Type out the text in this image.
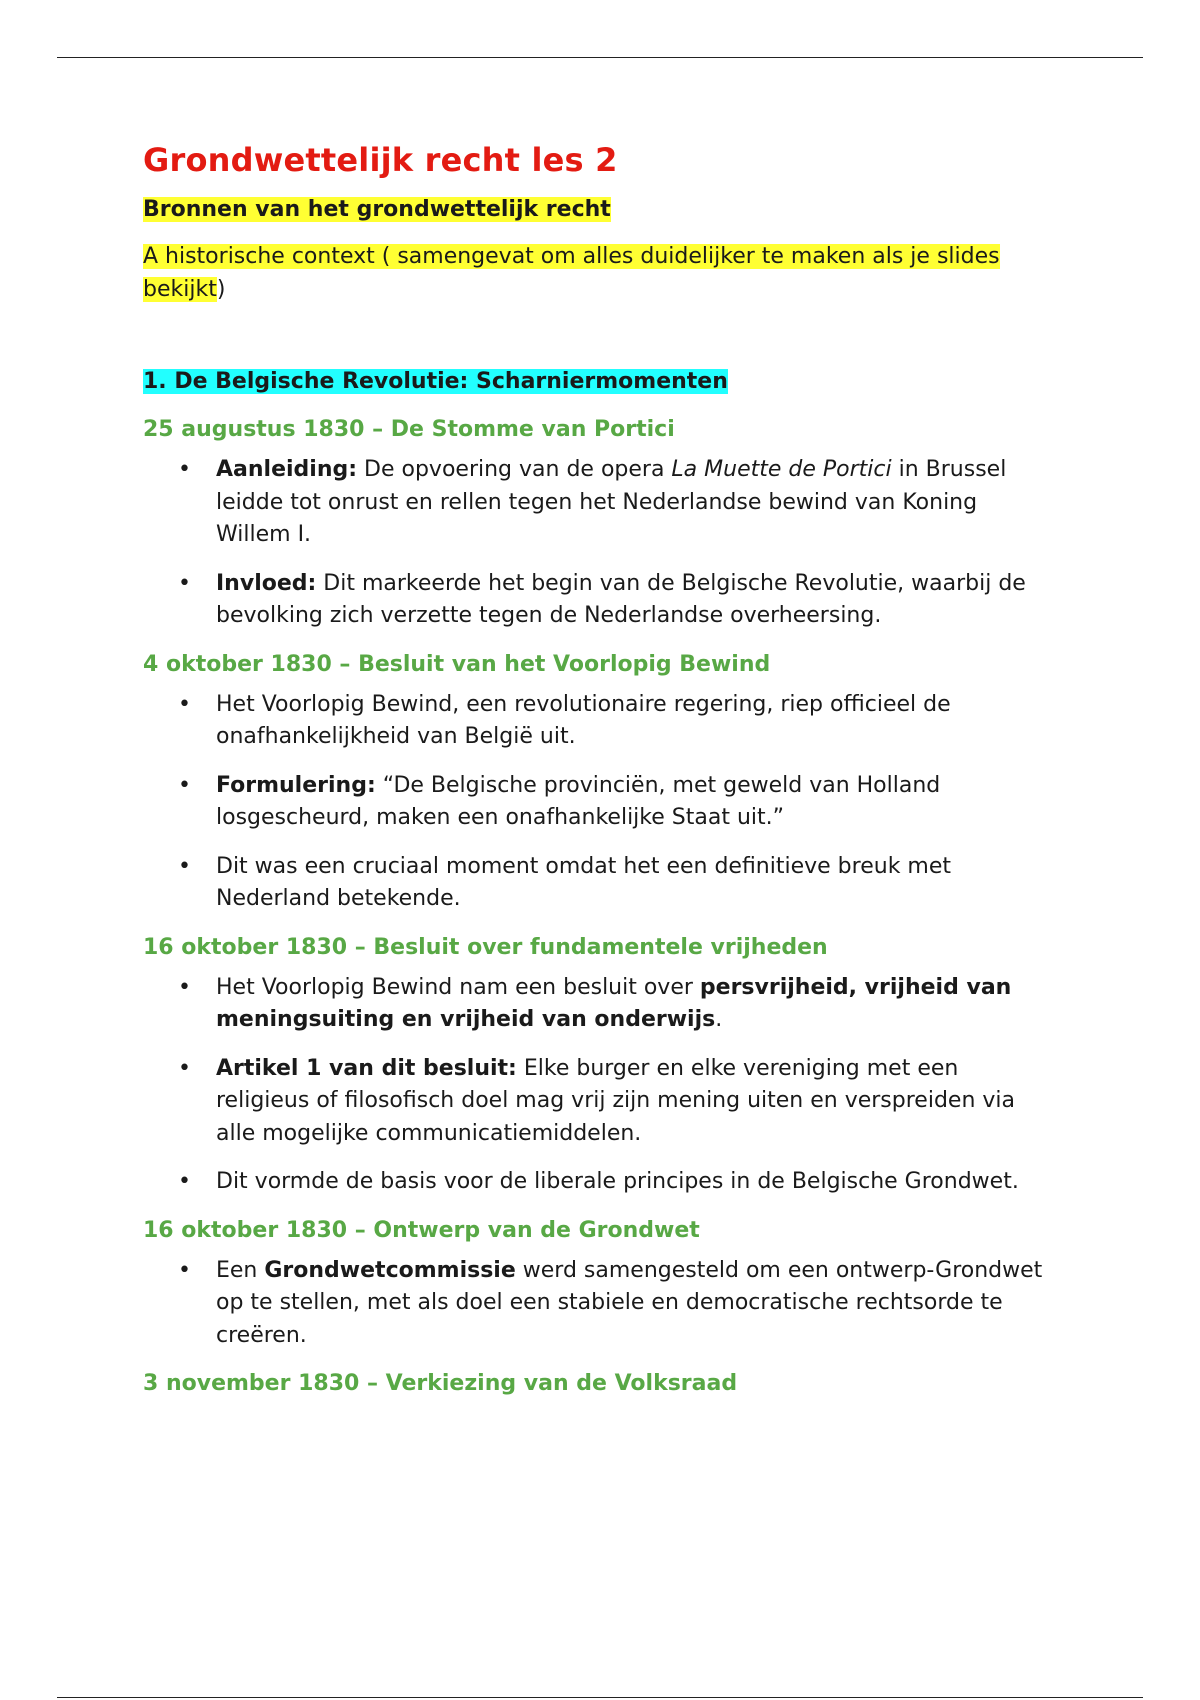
Grondwettelijk recht les 2

Bronnen van het grondwettelijk recht

A historische context ( samengevat om alles duidelijker te maken als je slides bekijkt)

1. De Belgische Revolutie: Scharniermomenten

25 augustus 1830 – De Stomme van Portici

• Aanleiding: De opvoering van de opera La Muette de Portici in Brussel leidde tot onrust en rellen tegen het Nederlandse bewind van Koning Willem I.
• Invloed: Dit markeerde het begin van de Belgische Revolutie, waarbij de bevolking zich verzette tegen de Nederlandse overheersing.

4 oktober 1830 – Besluit van het Voorlopig Bewind

• Het Voorlopig Bewind, een revolutionaire regering, riep officieel de onafhankelijkheid van België uit.
• Formulering: “De Belgische provinciën, met geweld van Holland losgescheurd, maken een onafhankelijke Staat uit.”
• Dit was een cruciaal moment omdat het een definitieve breuk met Nederland betekende.

16 oktober 1830 – Besluit over fundamentele vrijheden

• Het Voorlopig Bewind nam een besluit over persvrijheid, vrijheid van meningsuiting en vrijheid van onderwijs.
• Artikel 1 van dit besluit: Elke burger en elke vereniging met een religieus of filosofisch doel mag vrij zijn mening uiten en verspreiden via alle mogelijke communicatiemiddelen.
• Dit vormde de basis voor de liberale principes in de Belgische Grondwet.

16 oktober 1830 – Ontwerp van de Grondwet

• Een Grondwetcommissie werd samengesteld om een ontwerp-Grondwet op te stellen, met als doel een stabiele en democratische rechtsorde te creëren.

3 november 1830 – Verkiezing van de Volksraad
